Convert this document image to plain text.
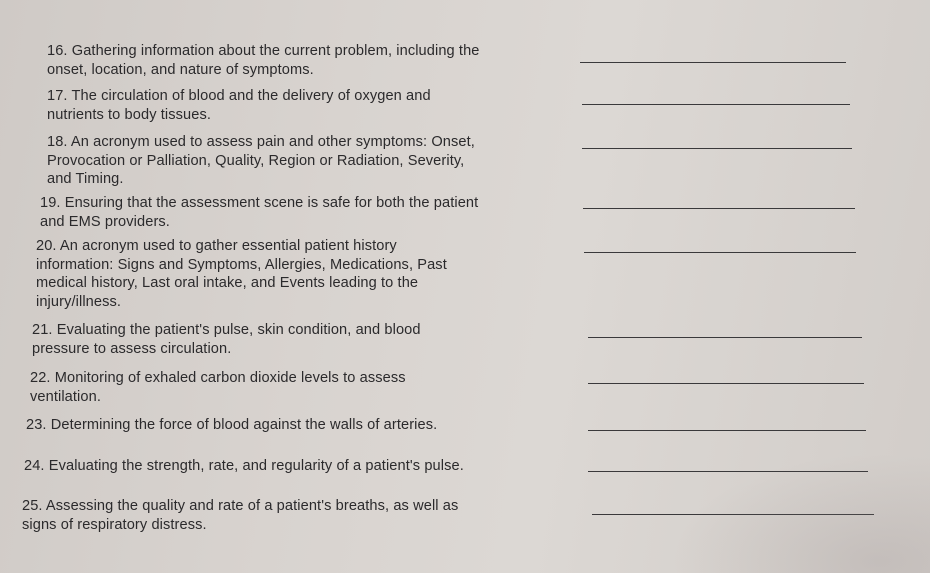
16. Gathering information about the current problem, including the
onset, location, and nature of symptoms.
17. The circulation of blood and the delivery of oxygen and
nutrients to body tissues.
18. An acronym used to assess pain and other symptoms: Onset,
Provocation or Palliation, Quality, Region or Radiation, Severity,
and Timing.
19. Ensuring that the assessment scene is safe for both the patient
and EMS providers.
20. An acronym used to gather essential patient history
information: Signs and Symptoms, Allergies, Medications, Past
medical history, Last oral intake, and Events leading to the
injury/illness.
21. Evaluating the patient's pulse, skin condition, and blood
pressure to assess circulation.
22. Monitoring of exhaled carbon dioxide levels to assess
ventilation.
23. Determining the force of blood against the walls of arteries.
24. Evaluating the strength, rate, and regularity of a patient's pulse.
25. Assessing the quality and rate of a patient's breaths, as well as
signs of respiratory distress.
